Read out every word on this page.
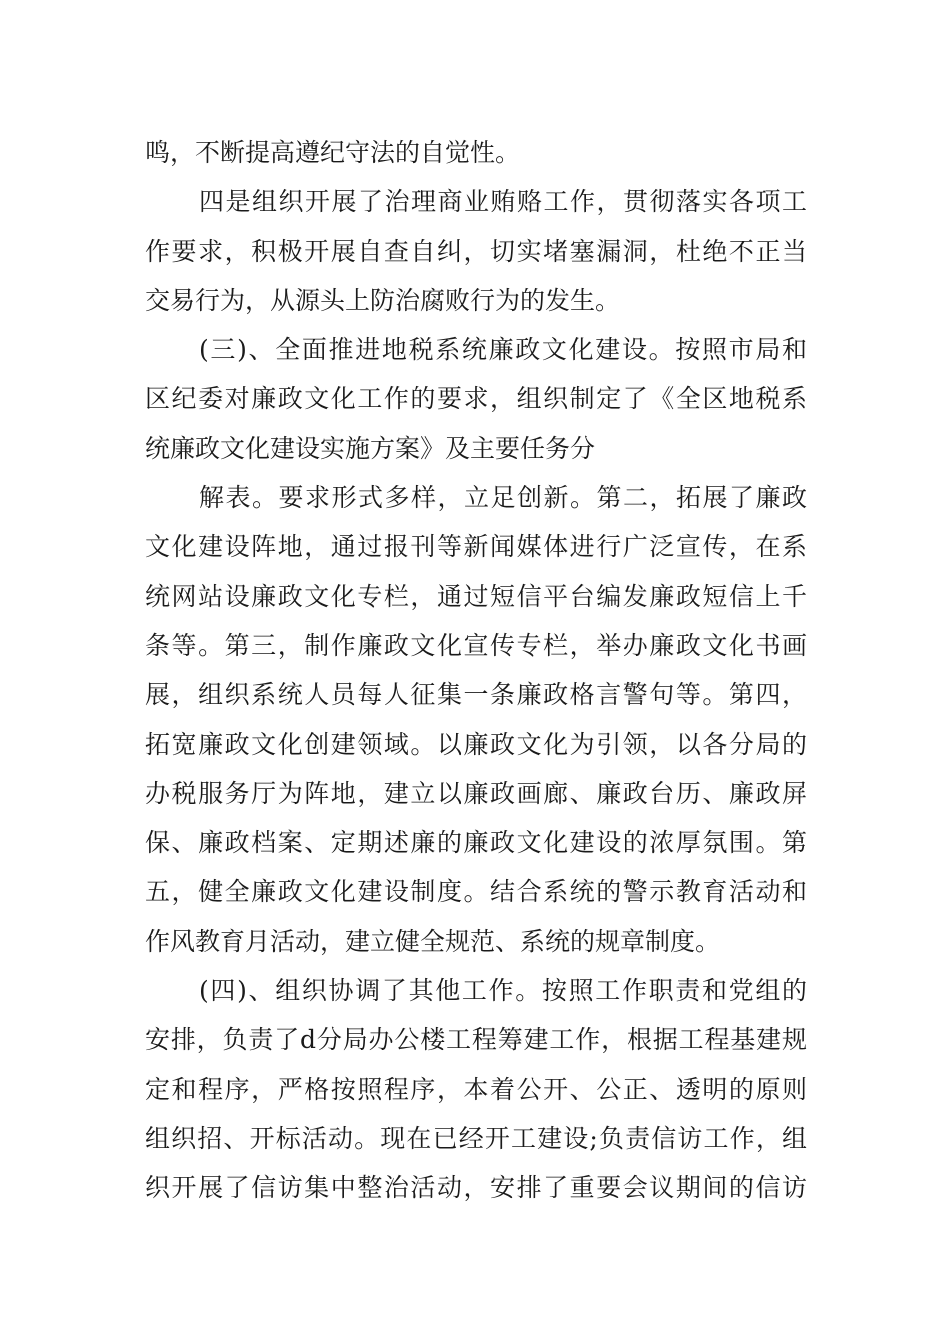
鸣，不断提高遵纪守法的自觉性。
四是组织开展了治理商业贿赂工作，贯彻落实各项工
作要求，积极开展自查自纠，切实堵塞漏洞，杜绝不正当
交易行为，从源头上防治腐败行为的发生。
(三)、全面推进地税系统廉政文化建设。按照市局和
区纪委对廉政文化工作的要求，组织制定了《全区地税系
统廉政文化建设实施方案》及主要任务分
解表。要求形式多样，立足创新。第二，拓展了廉政
文化建设阵地，通过报刊等新闻媒体进行广泛宣传，在系
统网站设廉政文化专栏，通过短信平台编发廉政短信上千
条等。第三，制作廉政文化宣传专栏，举办廉政文化书画
展，组织系统人员每人征集一条廉政格言警句等。第四，
拓宽廉政文化创建领域。以廉政文化为引领，以各分局的
办税服务厅为阵地，建立以廉政画廊、廉政台历、廉政屏
保、廉政档案、定期述廉的廉政文化建设的浓厚氛围。第
五，健全廉政文化建设制度。结合系统的警示教育活动和
作风教育月活动，建立健全规范、系统的规章制度。
(四)、组织协调了其他工作。按照工作职责和党组的
安排，负责了d分局办公楼工程筹建工作，根据工程基建规
定和程序，严格按照程序，本着公开、公正、透明的原则
组织招、开标活动。现在已经开工建设;负责信访工作，组
织开展了信访集中整治活动，安排了重要会议期间的信访
